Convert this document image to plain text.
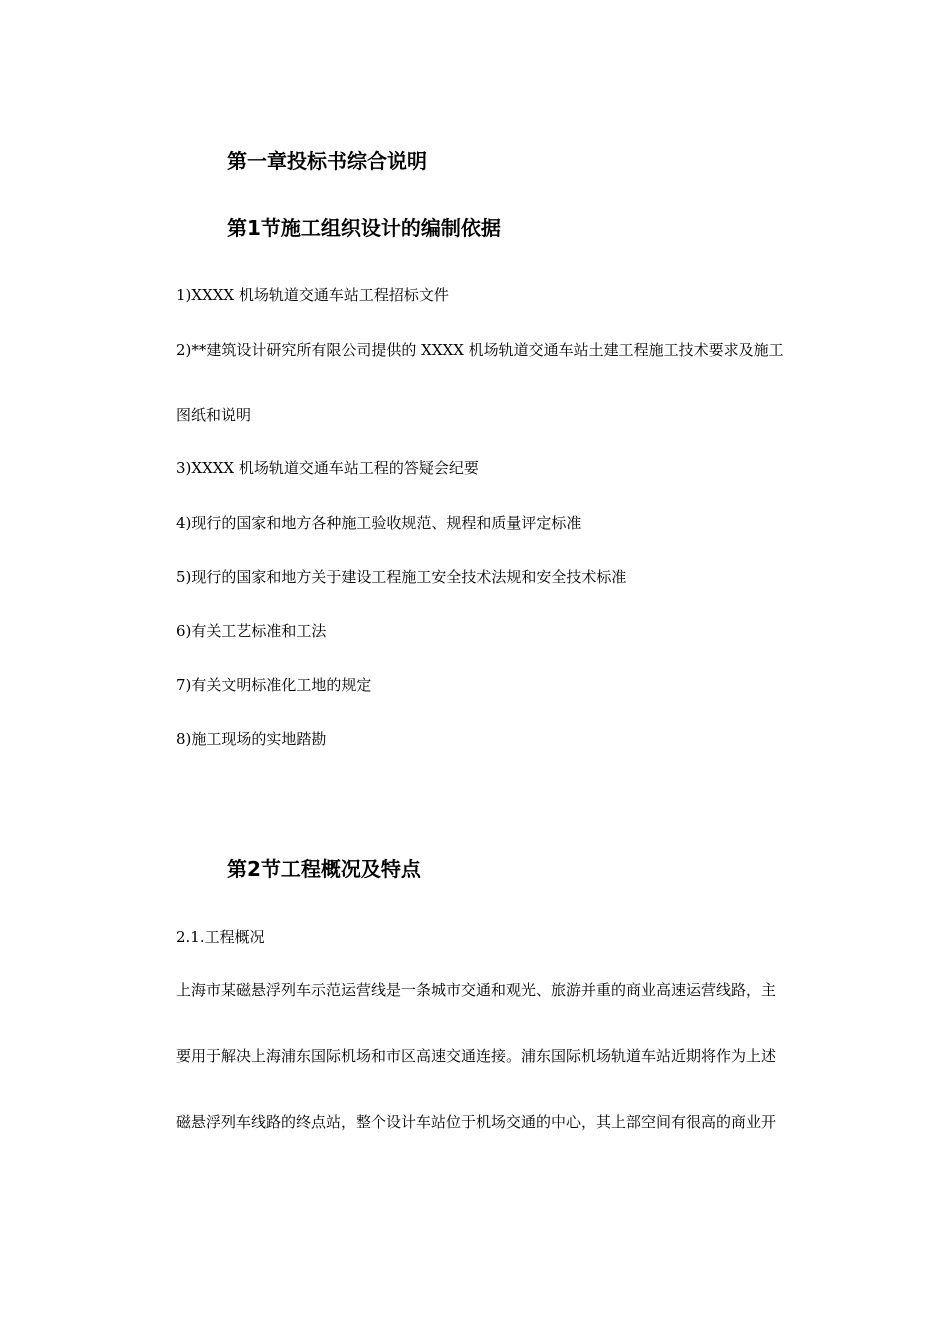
第一章投标书综合说明
第1节施工组织设计的编制依据
1)XXXX 机场轨道交通车站工程招标文件
2)**建筑设计研究所有限公司提供的 XXXX 机场轨道交通车站土建工程施工技术要求及施工
图纸和说明
3)XXXX 机场轨道交通车站工程的答疑会纪要
4)现行的国家和地方各种施工验收规范、规程和质量评定标准
5)现行的国家和地方关于建设工程施工安全技术法规和安全技术标准
6)有关工艺标准和工法
7)有关文明标准化工地的规定
8)施工现场的实地踏勘
第2节工程概况及特点
2.1.工程概况
上海市某磁悬浮列车示范运营线是一条城市交通和观光、旅游并重的商业高速运营线路，主
要用于解决上海浦东国际机场和市区高速交通连接。浦东国际机场轨道车站近期将作为上述
磁悬浮列车线路的终点站，整个设计车站位于机场交通的中心，其上部空间有很高的商业开
